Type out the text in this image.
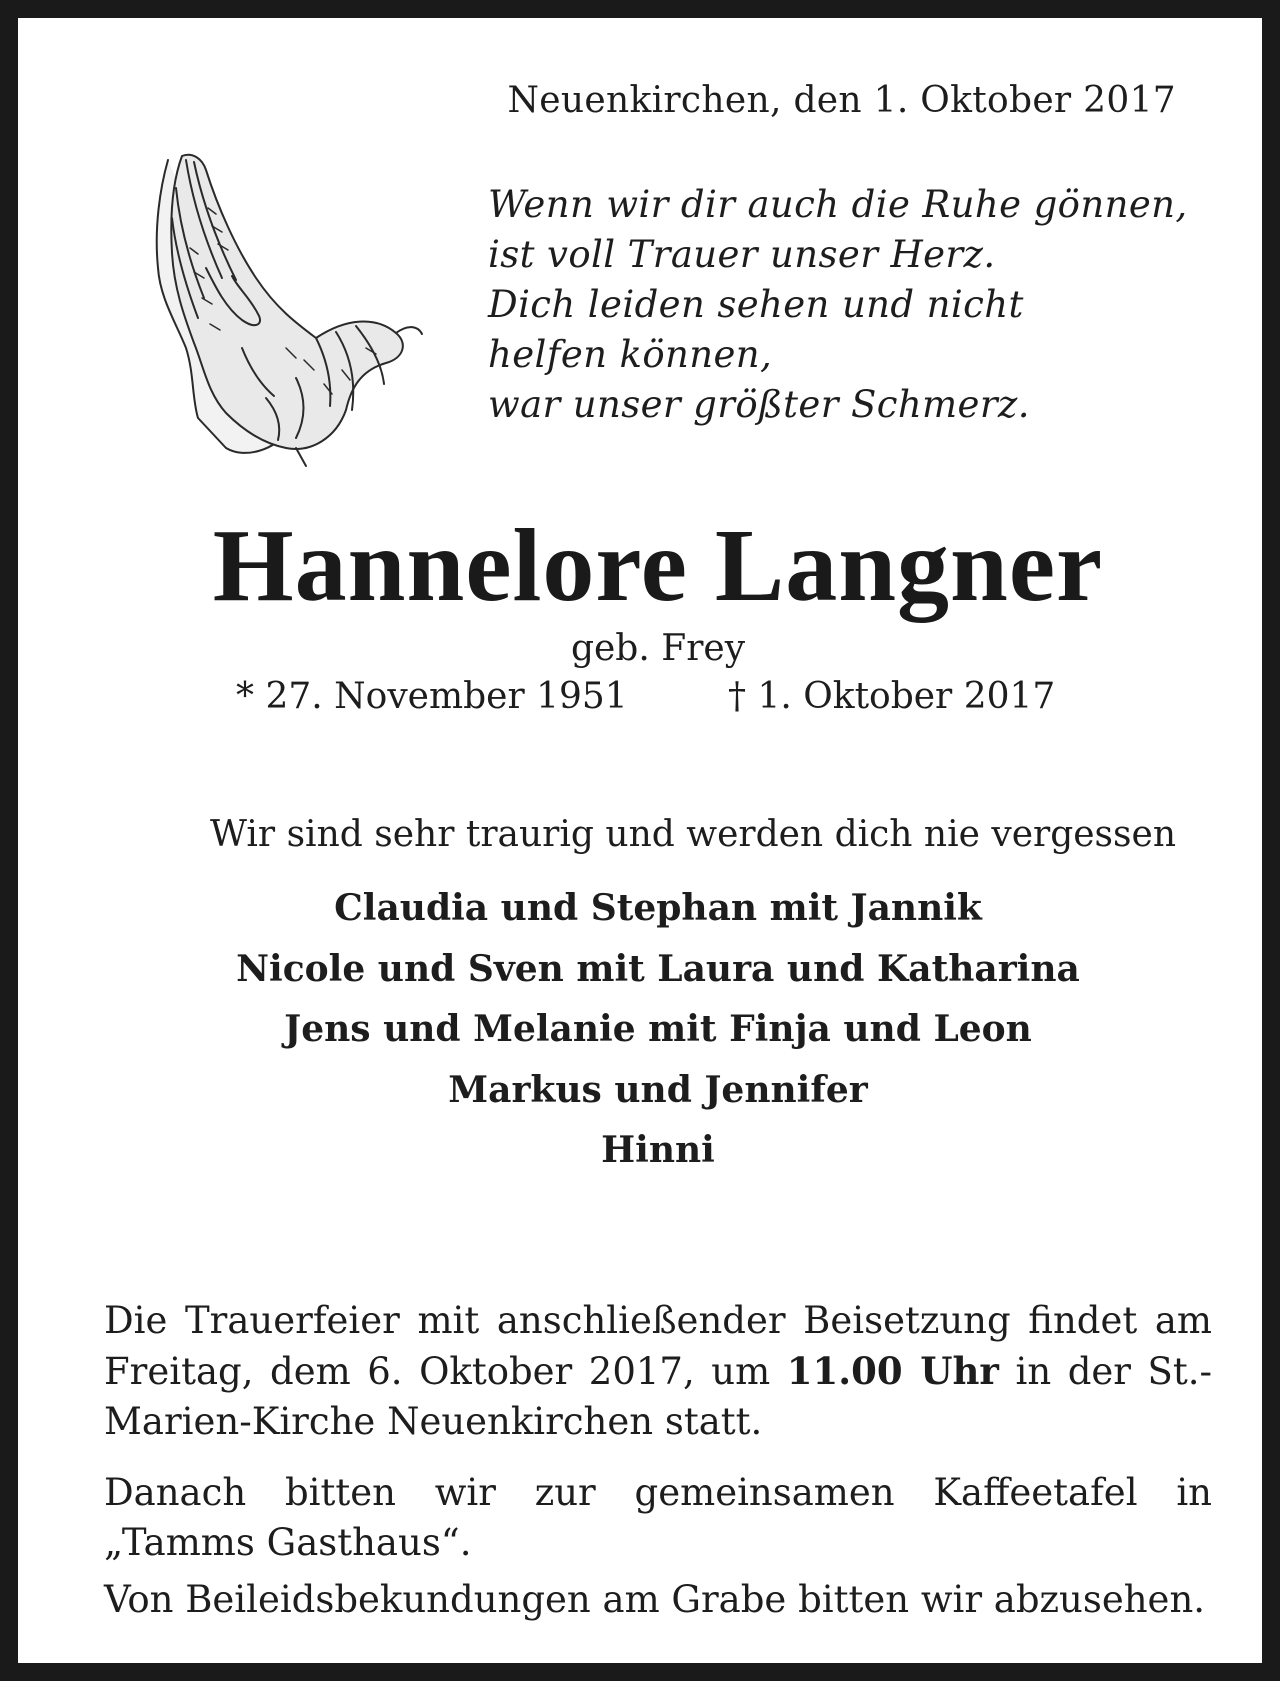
Neuenkirchen, den 1. Oktober 2017
Wenn wir dir auch die Ruhe gönnen,
ist voll Trauer unser Herz.
Dich leiden sehen und nicht
helfen können,
war unser größter Schmerz.
Hannelore Langner
geb. Frey
* 27. November 1951	† 1. Oktober 2017
Wir sind sehr traurig und werden dich nie vergessen
Claudia und Stephan mit Jannik
Nicole und Sven mit Laura und Katharina
Jens und Melanie mit Finja und Leon
Markus und Jennifer
Hinni
Die Trauerfeier mit anschließender Beisetzung findet am Freitag, dem 6. Oktober 2017, um 11.00 Uhr in der St.-Marien-Kirche Neuenkirchen statt.
Danach bitten wir zur gemeinsamen Kaffeetafel in „Tamms Gasthaus“.
Von Beileidsbekundungen am Grabe bitten wir abzusehen.
